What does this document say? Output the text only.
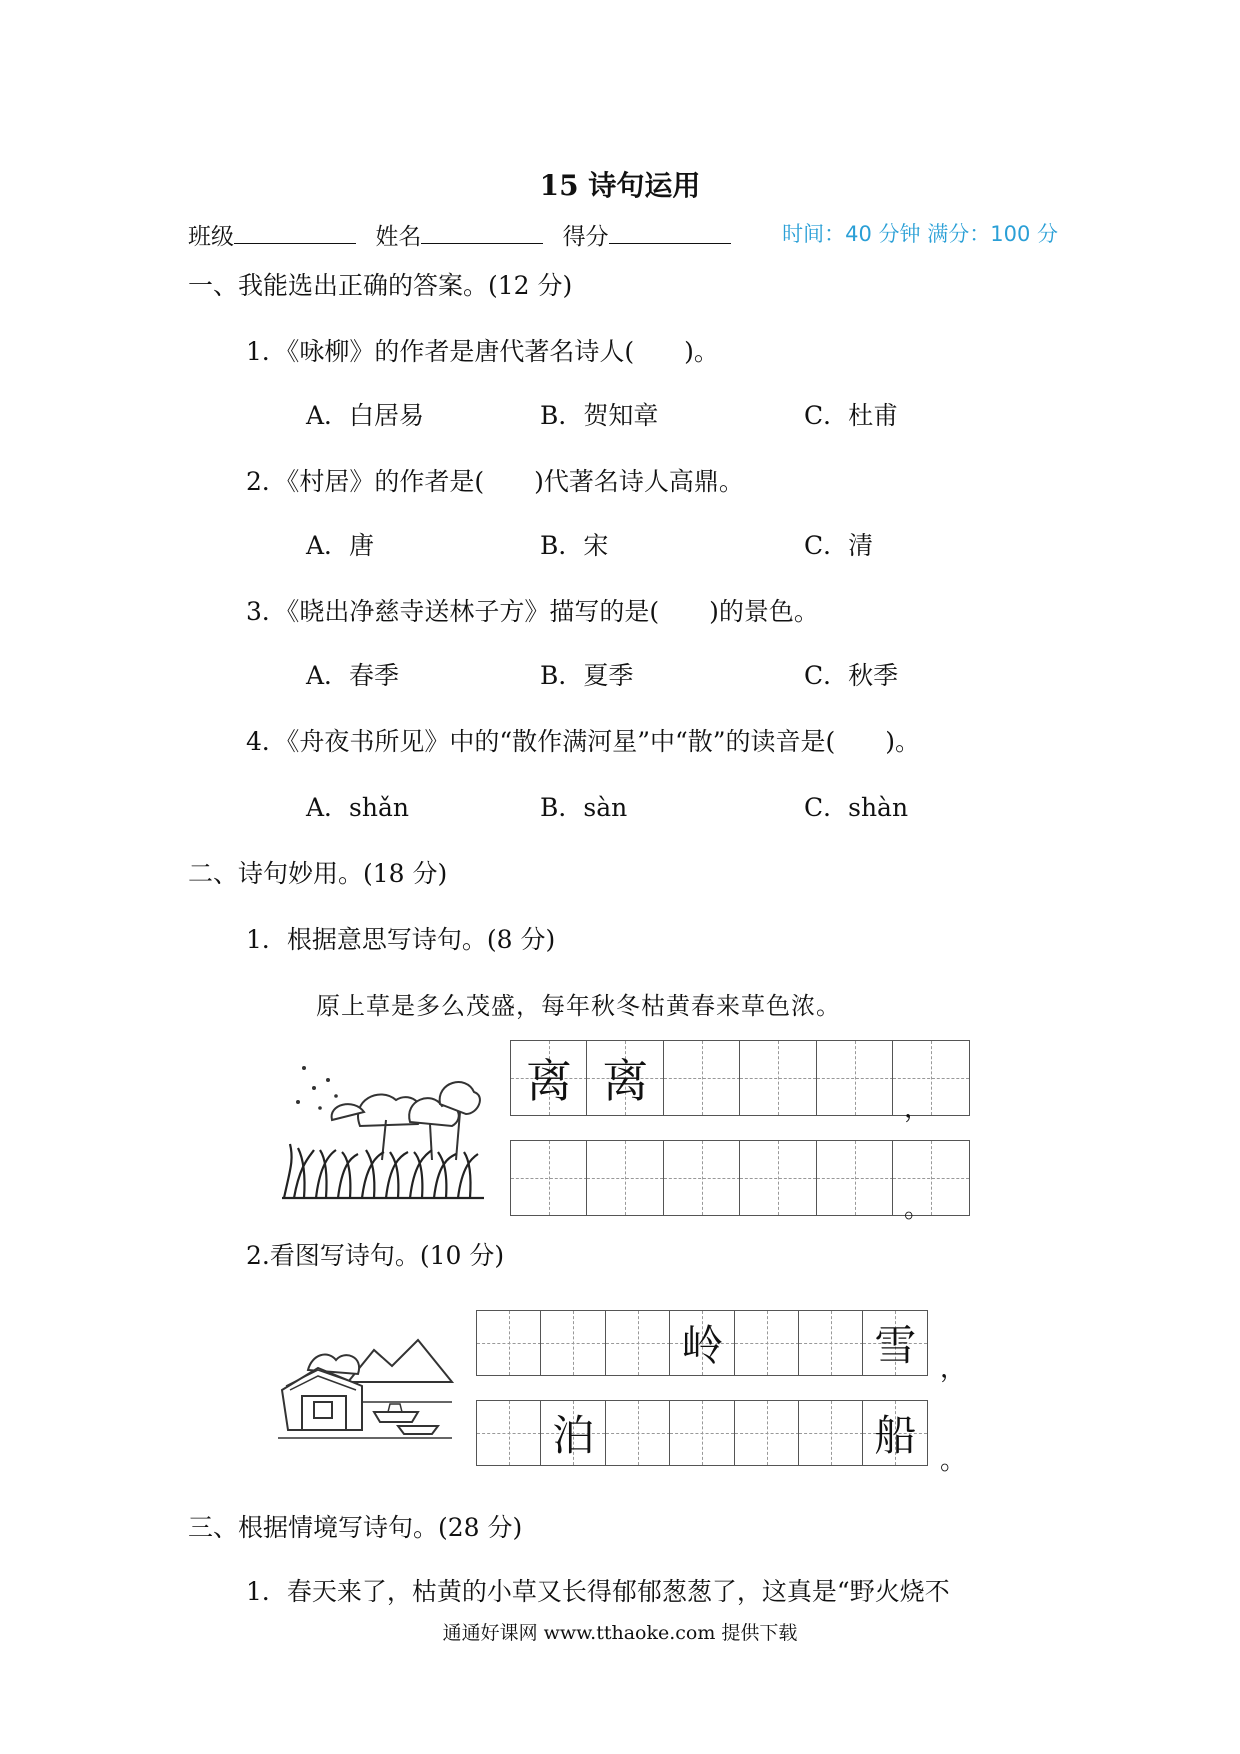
15 诗句运用
班级	姓名	得分	时间：40 分钟 满分：100 分
一、我能选出正确的答案。(12 分)
1．《咏柳》的作者是唐代著名诗人(　　)。
A．白居易	B．贺知章	C．杜甫
2．《村居》的作者是(　　)代著名诗人高鼎。
A．唐	B．宋	C．清
3．《晓出净慈寺送林子方》描写的是(　　)的景色。
A．春季	B．夏季	C．秋季
4．《舟夜书所见》中的“散作满河星”中“散”的读音是(　　)。
A．shǎn	B．sàn	C．shàn
二、诗句妙用。(18 分)
1．根据意思写诗句。(8 分)
原上草是多么茂盛，每年秋冬枯黄春来草色浓。
离 离
，
。
2.看图写诗句。(10 分)
岭	雪 ，
泊	船
。
三、根据情境写诗句。(28 分)
1．春天来了，枯黄的小草又长得郁郁葱葱了，这真是“野火烧不
通通好课网 www.tthaoke.com 提供下载
